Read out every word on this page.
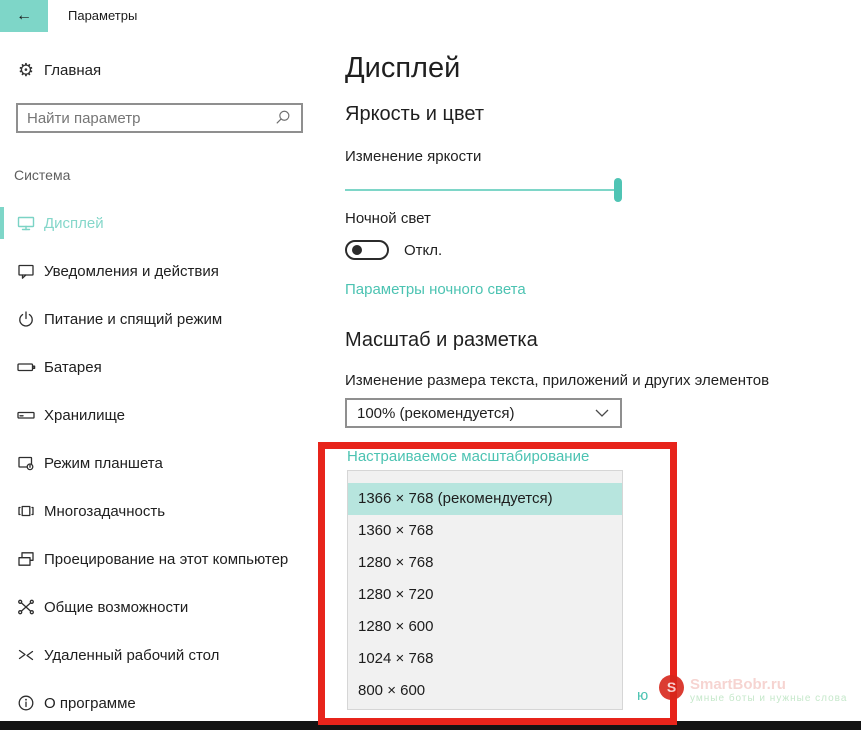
←	Параметры
⚙ Главная
Найти параметр
Система
Дисплей
Уведомления и действия
Питание и спящий режим
Батарея
Хранилище
Режим планшета
Многозадачность
Проецирование на этот компьютер
Общие возможности
Удаленный рабочий стол
О программе
Дисплей
Яркость и цвет
Изменение яркости
Ночной свет
Откл.
Параметры ночного света
Масштаб и разметка
Изменение размера текста, приложений и других элементов
100% (рекомендуется)
Настраиваемое масштабирование
ю
1366 × 768 (рекомендуется)
1360 × 768
1280 × 768
1280 × 720
1280 × 600
1024 × 768
800 × 600	S SmartBobr.ru
умные боты и нужные слова
